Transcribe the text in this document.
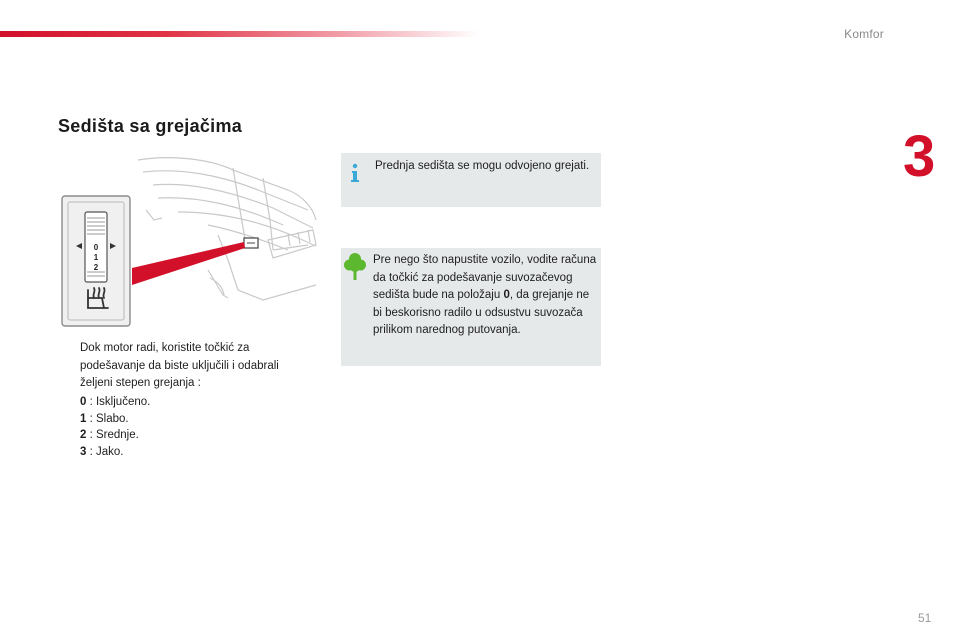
Komfor
3
Sedišta sa grejačima
0
1
2
Prednja sedišta se mogu odvojeno grejati.
Pre nego što napustite vozilo, vodite računa da točkić za podešavanje suvozačevog sedišta bude na položaju 0, da grejanje ne bi beskorisno radilo u odsustvu suvozača prilikom narednog putovanja.
Dok motor radi, koristite točkić za podešavanje da biste uključili i odabrali željeni stepen grejanja :
0 : Isključeno.
1 : Slabo.
2 : Srednje.
3 : Jako.
51
